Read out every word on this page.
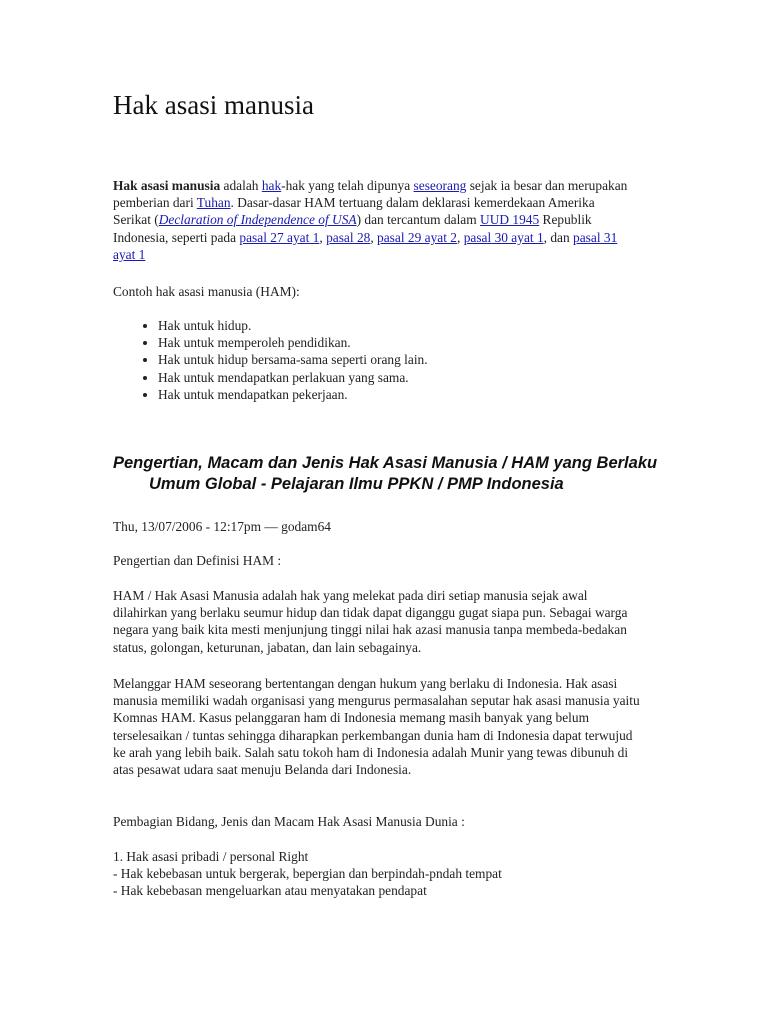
Hak asasi manusia
Hak asasi manusia adalah hak-hak yang telah dipunya seseorang sejak ia besar dan merupakan pemberian dari Tuhan. Dasar-dasar HAM tertuang dalam deklarasi kemerdekaan Amerika Serikat (Declaration of Independence of USA) dan tercantum dalam UUD 1945 Republik Indonesia, seperti pada pasal 27 ayat 1, pasal 28, pasal 29 ayat 2, pasal 30 ayat 1, dan pasal 31 ayat 1
Contoh hak asasi manusia (HAM):
• Hak untuk hidup.
• Hak untuk memperoleh pendidikan.
• Hak untuk hidup bersama-sama seperti orang lain.
• Hak untuk mendapatkan perlakuan yang sama.
• Hak untuk mendapatkan pekerjaan.
Pengertian, Macam dan Jenis Hak Asasi Manusia / HAM yang Berlaku Umum Global - Pelajaran Ilmu PPKN / PMP Indonesia
Thu, 13/07/2006 - 12:17pm — godam64
Pengertian dan Definisi HAM :
HAM / Hak Asasi Manusia adalah hak yang melekat pada diri setiap manusia sejak awal dilahirkan yang berlaku seumur hidup dan tidak dapat diganggu gugat siapa pun. Sebagai warga negara yang baik kita mesti menjunjung tinggi nilai hak azasi manusia tanpa membeda-bedakan status, golongan, keturunan, jabatan, dan lain sebagainya.
Melanggar HAM seseorang bertentangan dengan hukum yang berlaku di Indonesia. Hak asasi manusia memiliki wadah organisasi yang mengurus permasalahan seputar hak asasi manusia yaitu Komnas HAM. Kasus pelanggaran ham di Indonesia memang masih banyak yang belum terselesaikan / tuntas sehingga diharapkan perkembangan dunia ham di Indonesia dapat terwujud ke arah yang lebih baik. Salah satu tokoh ham di Indonesia adalah Munir yang tewas dibunuh di atas pesawat udara saat menuju Belanda dari Indonesia.
Pembagian Bidang, Jenis dan Macam Hak Asasi Manusia Dunia :
1. Hak asasi pribadi / personal Right
- Hak kebebasan untuk bergerak, bepergian dan berpindah-pndah tempat
- Hak kebebasan mengeluarkan atau menyatakan pendapat
